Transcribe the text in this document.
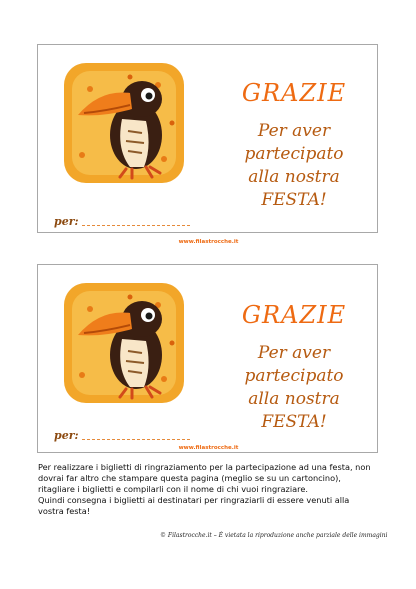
GRAZIE
Per aver
partecipato
alla nostra
FESTA!
per:
www.filastrocche.it
GRAZIE
Per aver
partecipato
alla nostra
FESTA!
per:
www.filastrocche.it
Per realizzare i biglietti di ringraziamento per la partecipazione ad una festa, non
dovrai far altro che stampare questa pagina (meglio se su un cartoncino),
ritagliare i biglietti e compilarli con il nome di chi vuoi ringraziare.
Quindi consegna i biglietti ai destinatari per ringraziarli di essere venuti alla
vostra festa!
© Filastrocche.it – È vietata la riproduzione anche parziale delle immagini
